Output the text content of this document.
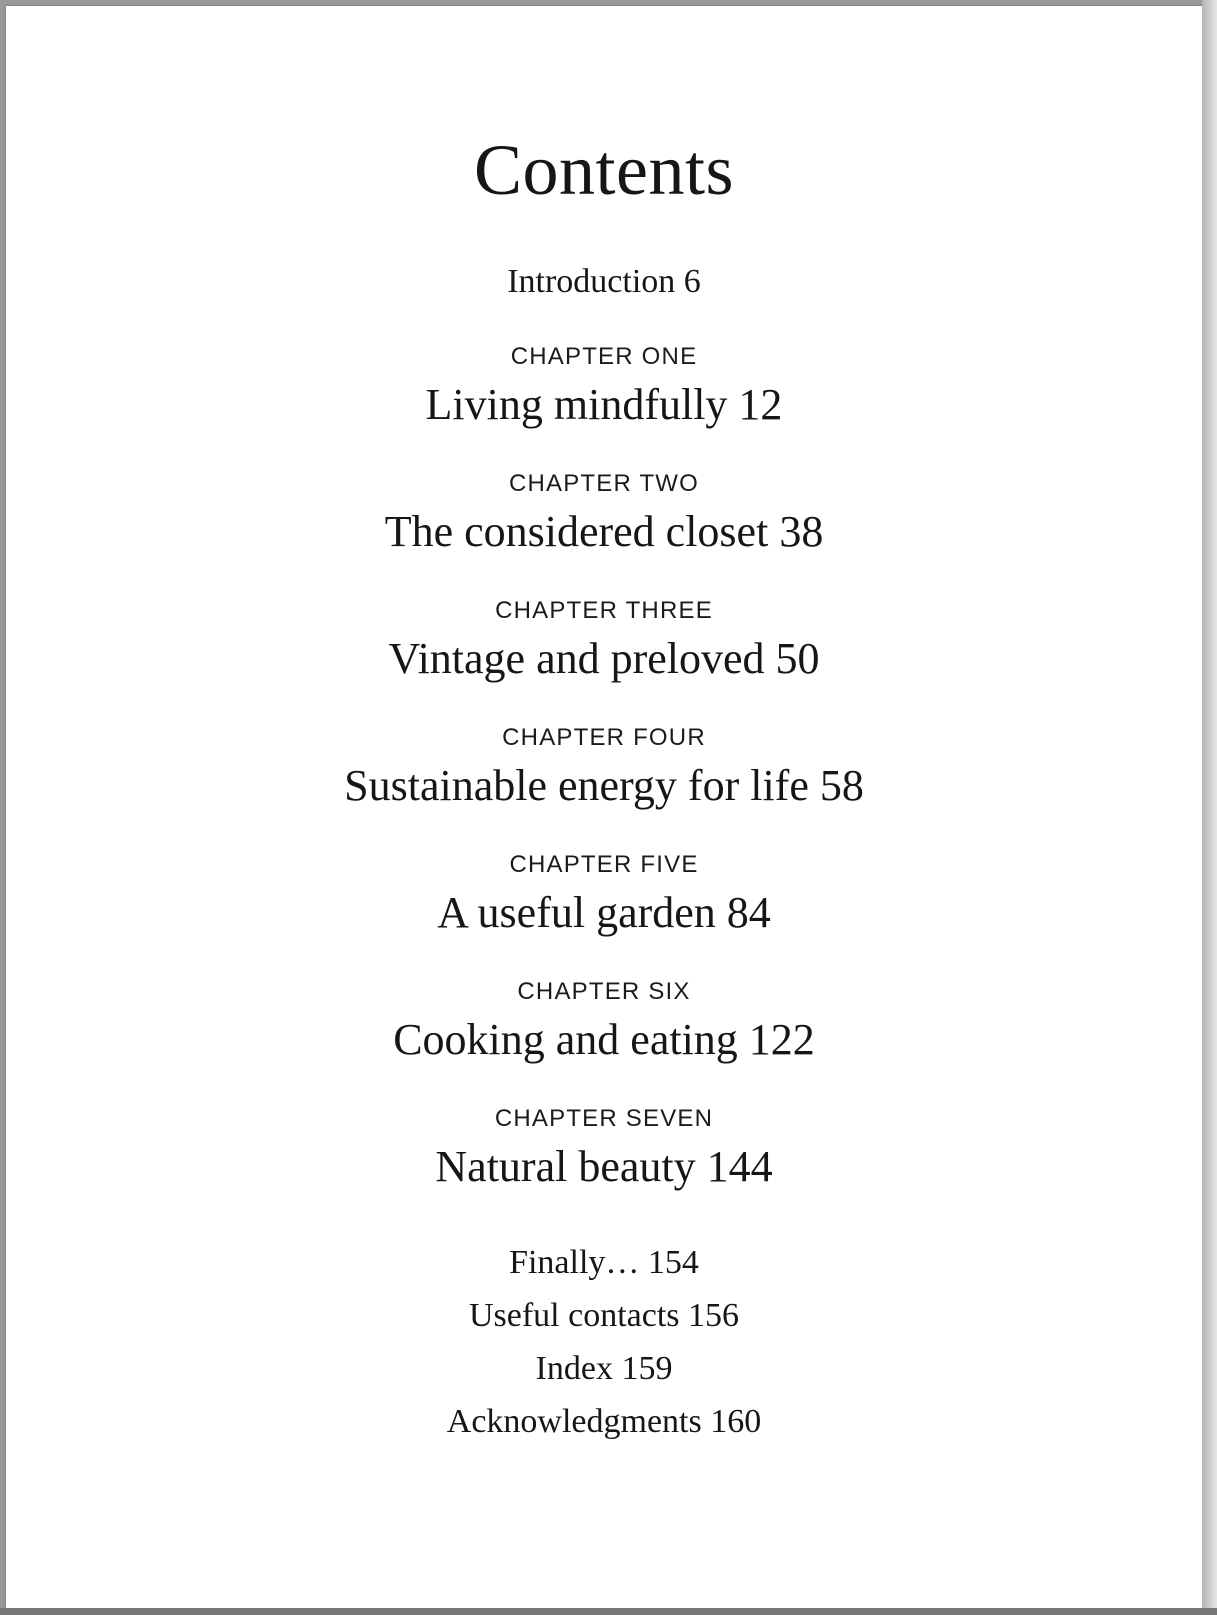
Contents
Introduction 6
CHAPTER ONE
Living mindfully 12
CHAPTER TWO
The considered closet 38
CHAPTER THREE
Vintage and preloved 50
CHAPTER FOUR
Sustainable energy for life 58
CHAPTER FIVE
A useful garden 84
CHAPTER SIX
Cooking and eating 122
CHAPTER SEVEN
Natural beauty 144
Finally… 154
Useful contacts 156
Index 159
Acknowledgments 160
